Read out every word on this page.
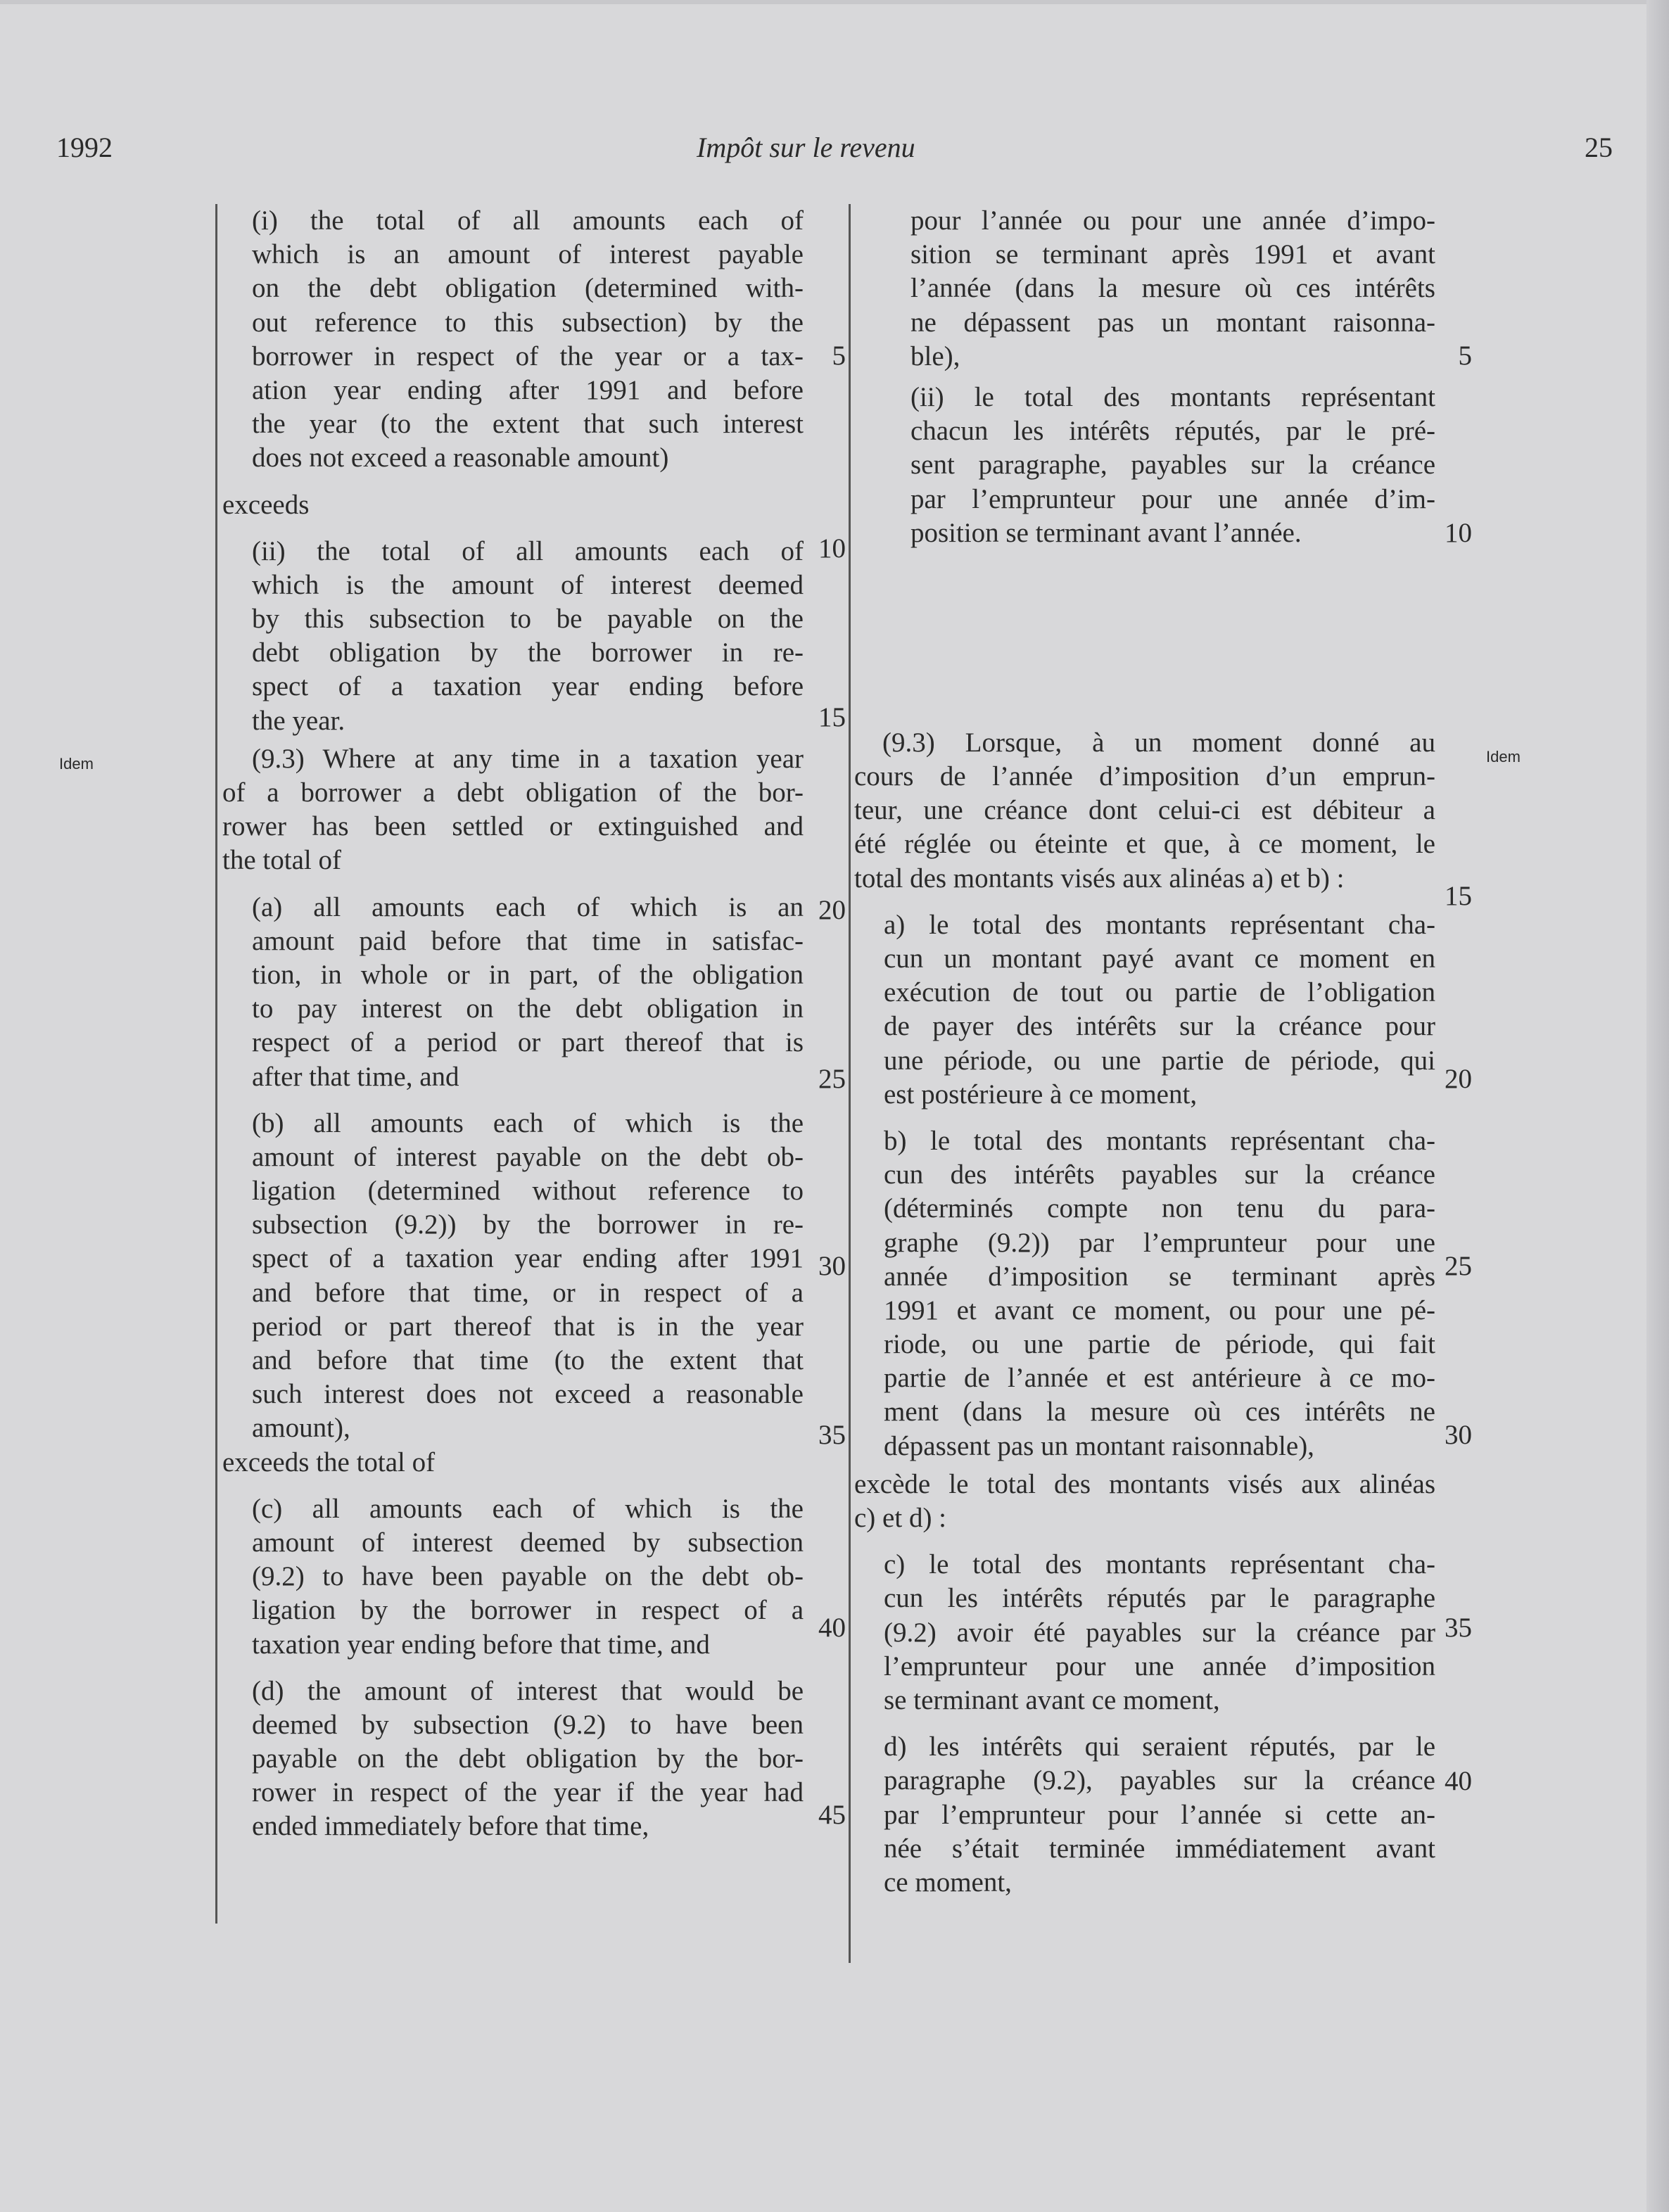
1992	Impôt sur le revenu	25
Idem	Idem
(i) the total of all amounts each of
which is an amount of interest payable
on the debt obligation (determined with-
out reference to this subsection) by the
borrower in respect of the year or a tax-
ation year ending after 1991 and before
the year (to the extent that such interest
does not exceed a reasonable amount)
exceeds
(ii) the total of all amounts each of
which is the amount of interest deemed
by this subsection to be payable on the
debt obligation by the borrower in re-
spect of a taxation year ending before
the year.
(9.3) Where at any time in a taxation year
of a borrower a debt obligation of the bor-
rower has been settled or extinguished and
the total of
(a) all amounts each of which is an
amount paid before that time in satisfac-
tion, in whole or in part, of the obligation
to pay interest on the debt obligation in
respect of a period or part thereof that is
after that time, and
(b) all amounts each of which is the
amount of interest payable on the debt ob-
ligation (determined without reference to
subsection (9.2)) by the borrower in re-
spect of a taxation year ending after 1991
and before that time, or in respect of a
period or part thereof that is in the year
and before that time (to the extent that
such interest does not exceed a reasonable
amount),
exceeds the total of
(c) all amounts each of which is the
amount of interest deemed by subsection
(9.2) to have been payable on the debt ob-
ligation by the borrower in respect of a
taxation year ending before that time, and
(d) the amount of interest that would be
deemed by subsection (9.2) to have been
payable on the debt obligation by the bor-
rower in respect of the year if the year had
ended immediately before that time,
5
10
15
20
25
30
35
40
45
pour l’année ou pour une année d’impo-
sition se terminant après 1991 et avant
l’année (dans la mesure où ces intérêts
ne dépassent pas un montant raisonna-
ble),
(ii) le total des montants représentant
chacun les intérêts réputés, par le pré-
sent paragraphe, payables sur la créance
par l’emprunteur pour une année d’im-
position se terminant avant l’année.
(9.3) Lorsque, à un moment donné au
cours de l’année d’imposition d’un emprun-
teur, une créance dont celui-ci est débiteur a
été réglée ou éteinte et que, à ce moment, le
total des montants visés aux alinéas a) et b) :
a) le total des montants représentant cha-
cun un montant payé avant ce moment en
exécution de tout ou partie de l’obligation
de payer des intérêts sur la créance pour
une période, ou une partie de période, qui
est postérieure à ce moment,
b) le total des montants représentant cha-
cun des intérêts payables sur la créance
(déterminés compte non tenu du para-
graphe (9.2)) par l’emprunteur pour une
année d’imposition se terminant après
1991 et avant ce moment, ou pour une pé-
riode, ou une partie de période, qui fait
partie de l’année et est antérieure à ce mo-
ment (dans la mesure où ces intérêts ne
dépassent pas un montant raisonnable),
excède le total des montants visés aux alinéas
c) et d) :
c) le total des montants représentant cha-
cun les intérêts réputés par le paragraphe
(9.2) avoir été payables sur la créance par
l’emprunteur pour une année d’imposition
se terminant avant ce moment,
d) les intérêts qui seraient réputés, par le
paragraphe (9.2), payables sur la créance
par l’emprunteur pour l’année si cette an-
née s’était terminée immédiatement avant
ce moment,
5
10
15
20
25
30
35
40
